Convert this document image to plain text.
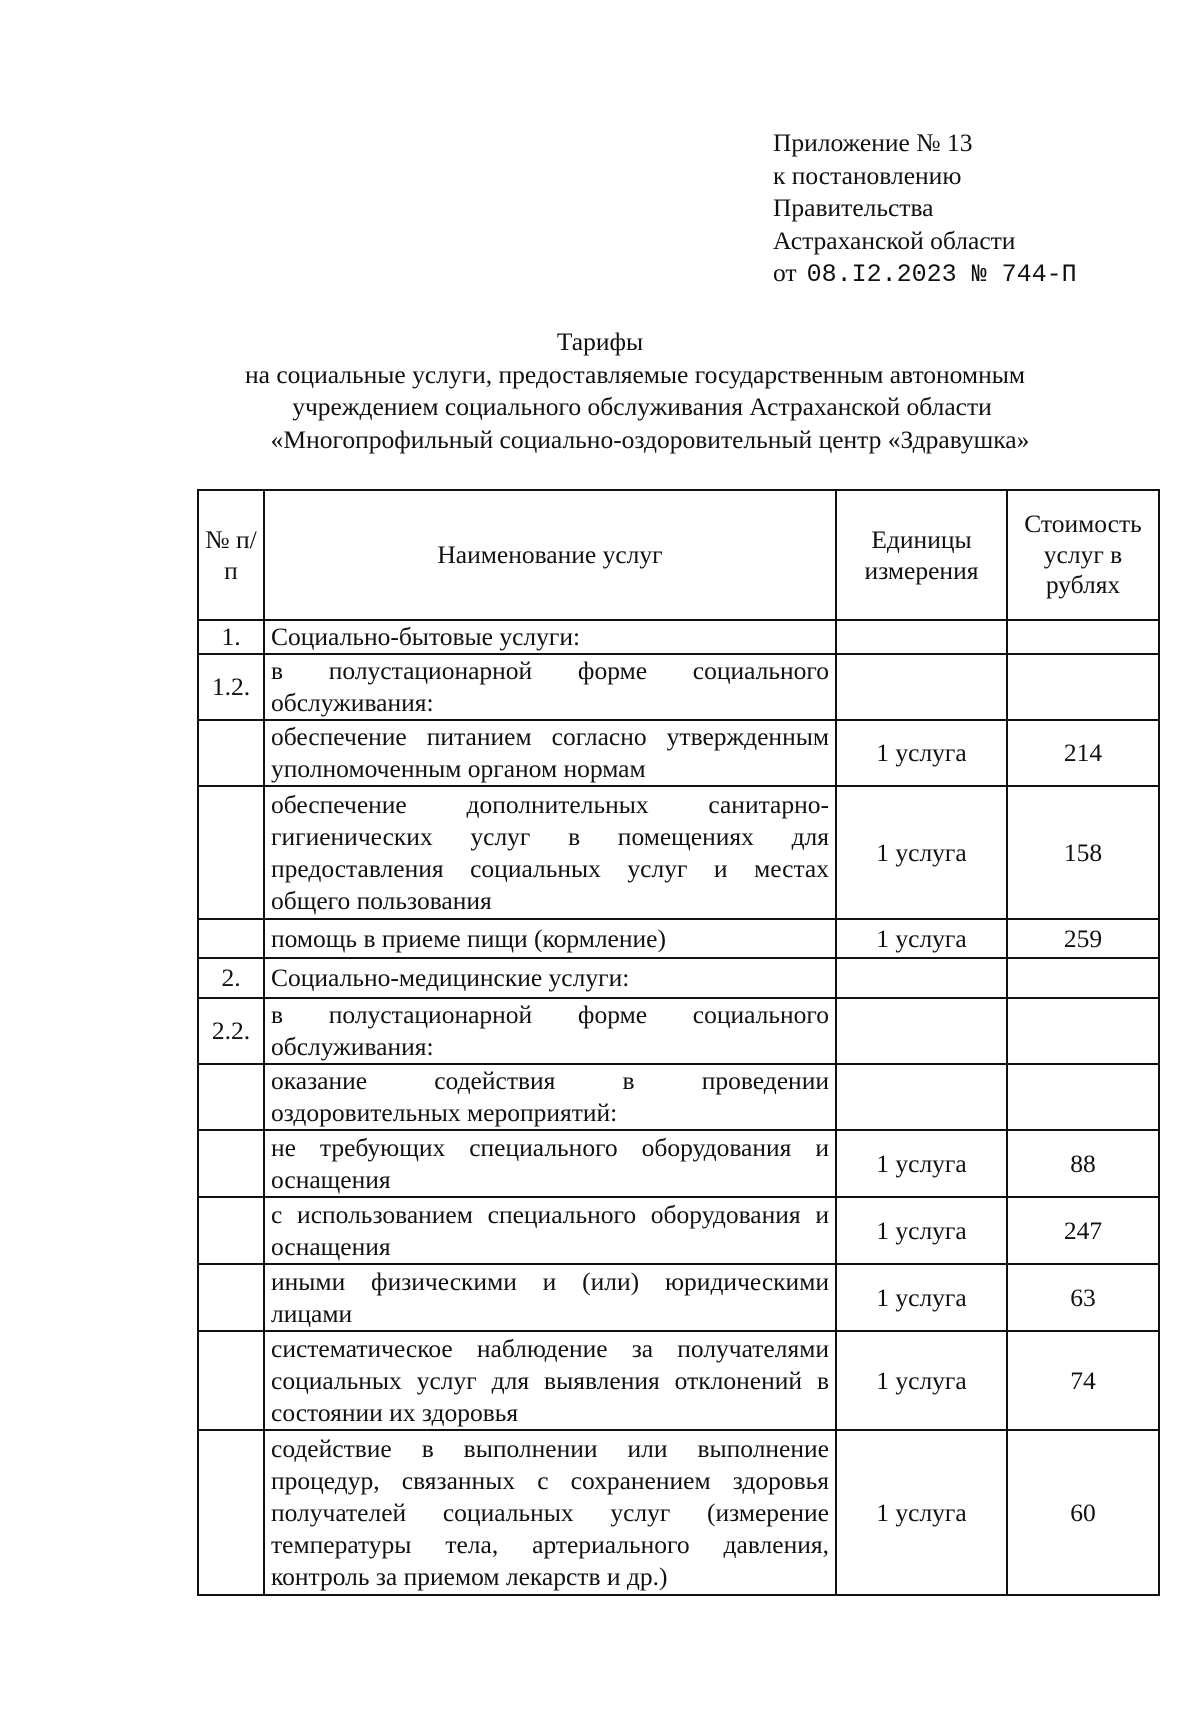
Приложение № 13
к постановлению
Правительства
Астраханской области
от 08.I2.2023 № 744-П
Тарифы
на социальные услуги, предоставляемые государственным автономным
учреждением социального обслуживания Астраханской области
«Многопрофильный социально-оздоровительный центр «Здравушка»
№ п/п	Наименование услуг	Единицы измерения	Стоимость услуг в рублях
1.	Социально-бытовые услуги:		
1.2.	в полустационарной форме социального обслуживания:		
	обеспечение питанием согласно утвержденным уполномоченным органом нормам	1 услуга	214
	обеспечение дополнительных санитарно-гигиенических услуг в помещениях для предоставления социальных услуг и местах общего пользования	1 услуга	158
	помощь в приеме пищи (кормление)	1 услуга	259
2.	Социально-медицинские услуги:		
2.2.	в полустационарной форме социального обслуживания:		
	оказание содействия в проведении оздоровительных мероприятий:		
	не требующих специального оборудования и оснащения	1 услуга	88
	с использованием специального оборудования и оснащения	1 услуга	247
	иными физическими и (или) юридическими лицами	1 услуга	63
	систематическое наблюдение за получателями социальных услуг для выявления отклонений в состоянии их здоровья	1 услуга	74
	содействие в выполнении или выполнение процедур, связанных с сохранением здоровья получателей социальных услуг (измерение температуры тела, артериального давления, контроль за приемом лекарств и др.)	1 услуга	60
